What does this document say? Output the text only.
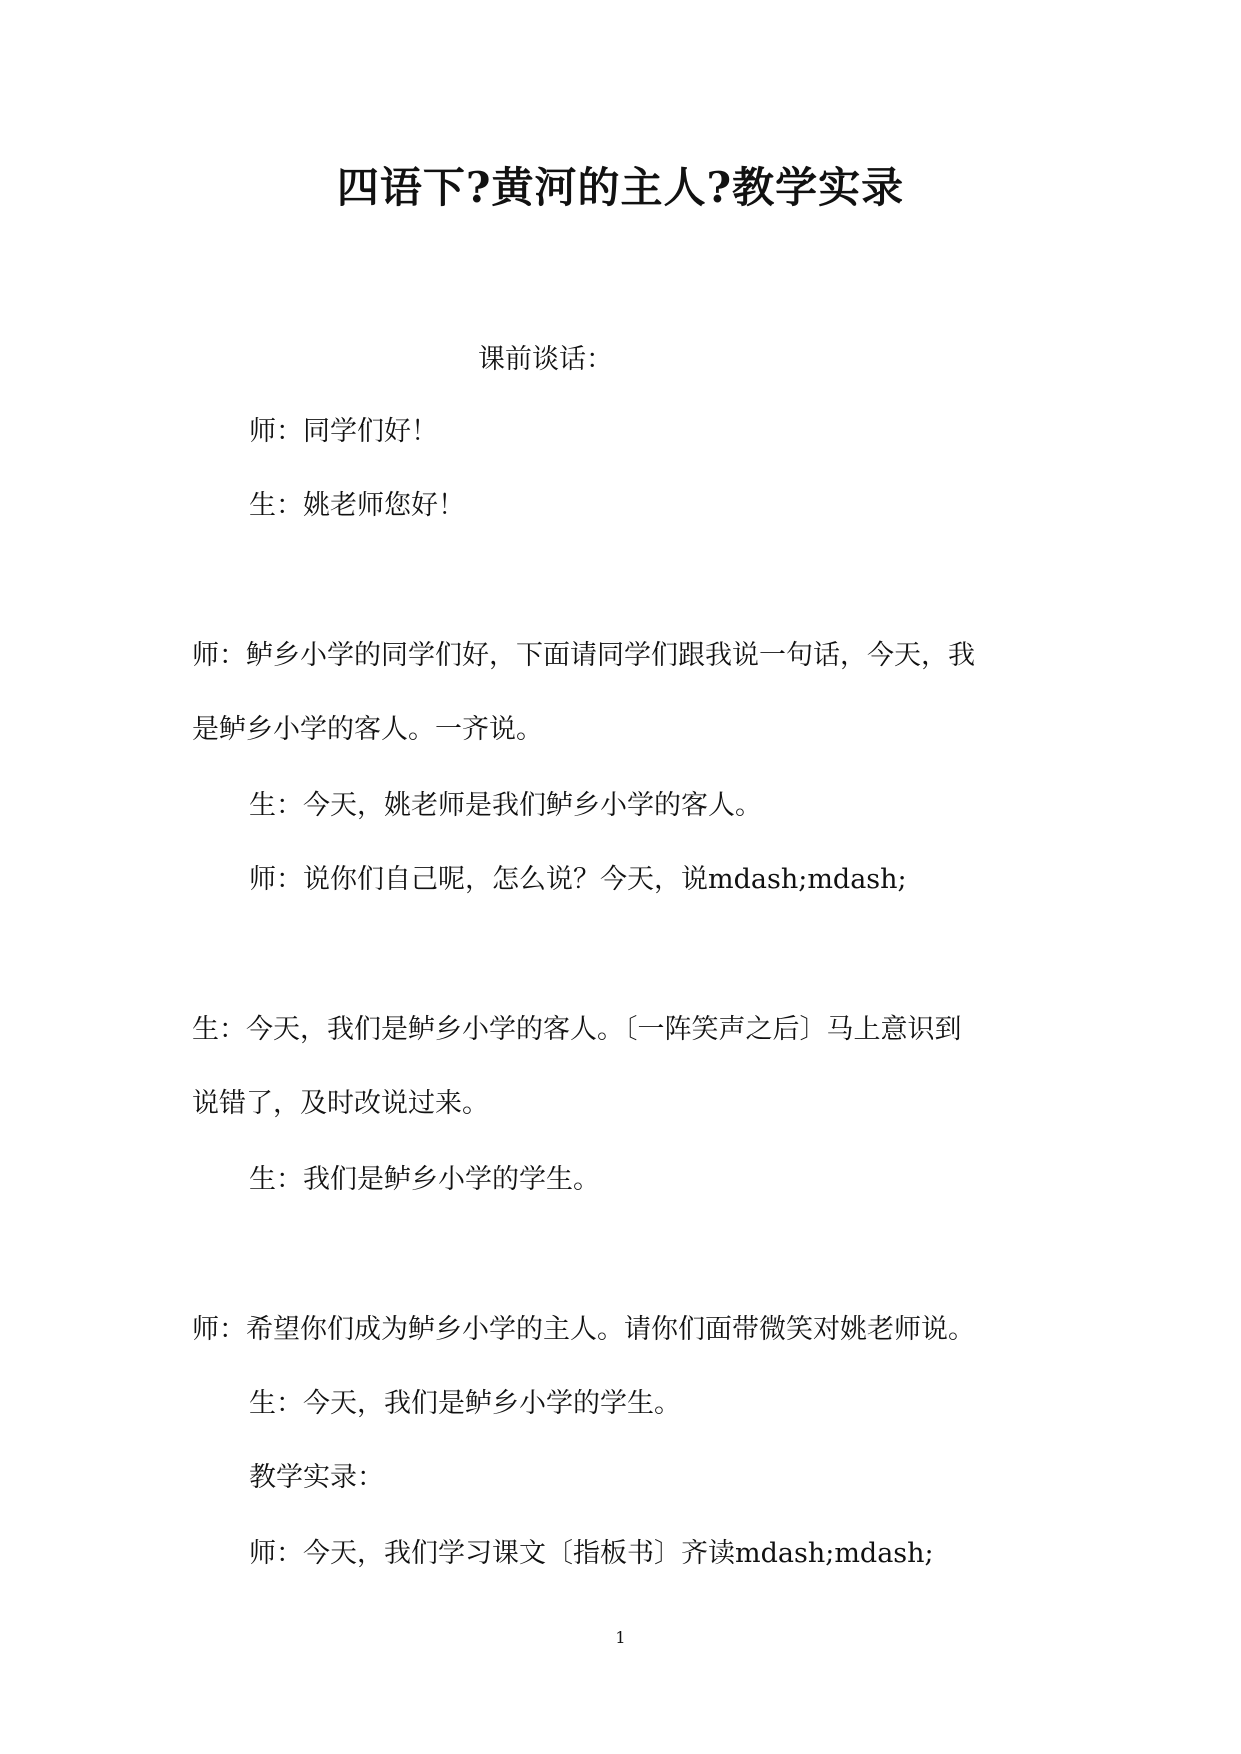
四语下?黄河的主人?教学实录
课前谈话：
师：同学们好！
生：姚老师您好！
师：鲈乡小学的同学们好，下面请同学们跟我说一句话，今天，我
是鲈乡小学的客人。一齐说。
生：今天，姚老师是我们鲈乡小学的客人。
师：说你们自己呢，怎么说？今天，说mdash;mdash;
生：今天，我们是鲈乡小学的客人。〔一阵笑声之后〕马上意识到
说错了，及时改说过来。
生：我们是鲈乡小学的学生。
师：希望你们成为鲈乡小学的主人。请你们面带微笑对姚老师说。
生：今天，我们是鲈乡小学的学生。
教学实录：
师：今天，我们学习课文〔指板书〕齐读mdash;mdash;
1
